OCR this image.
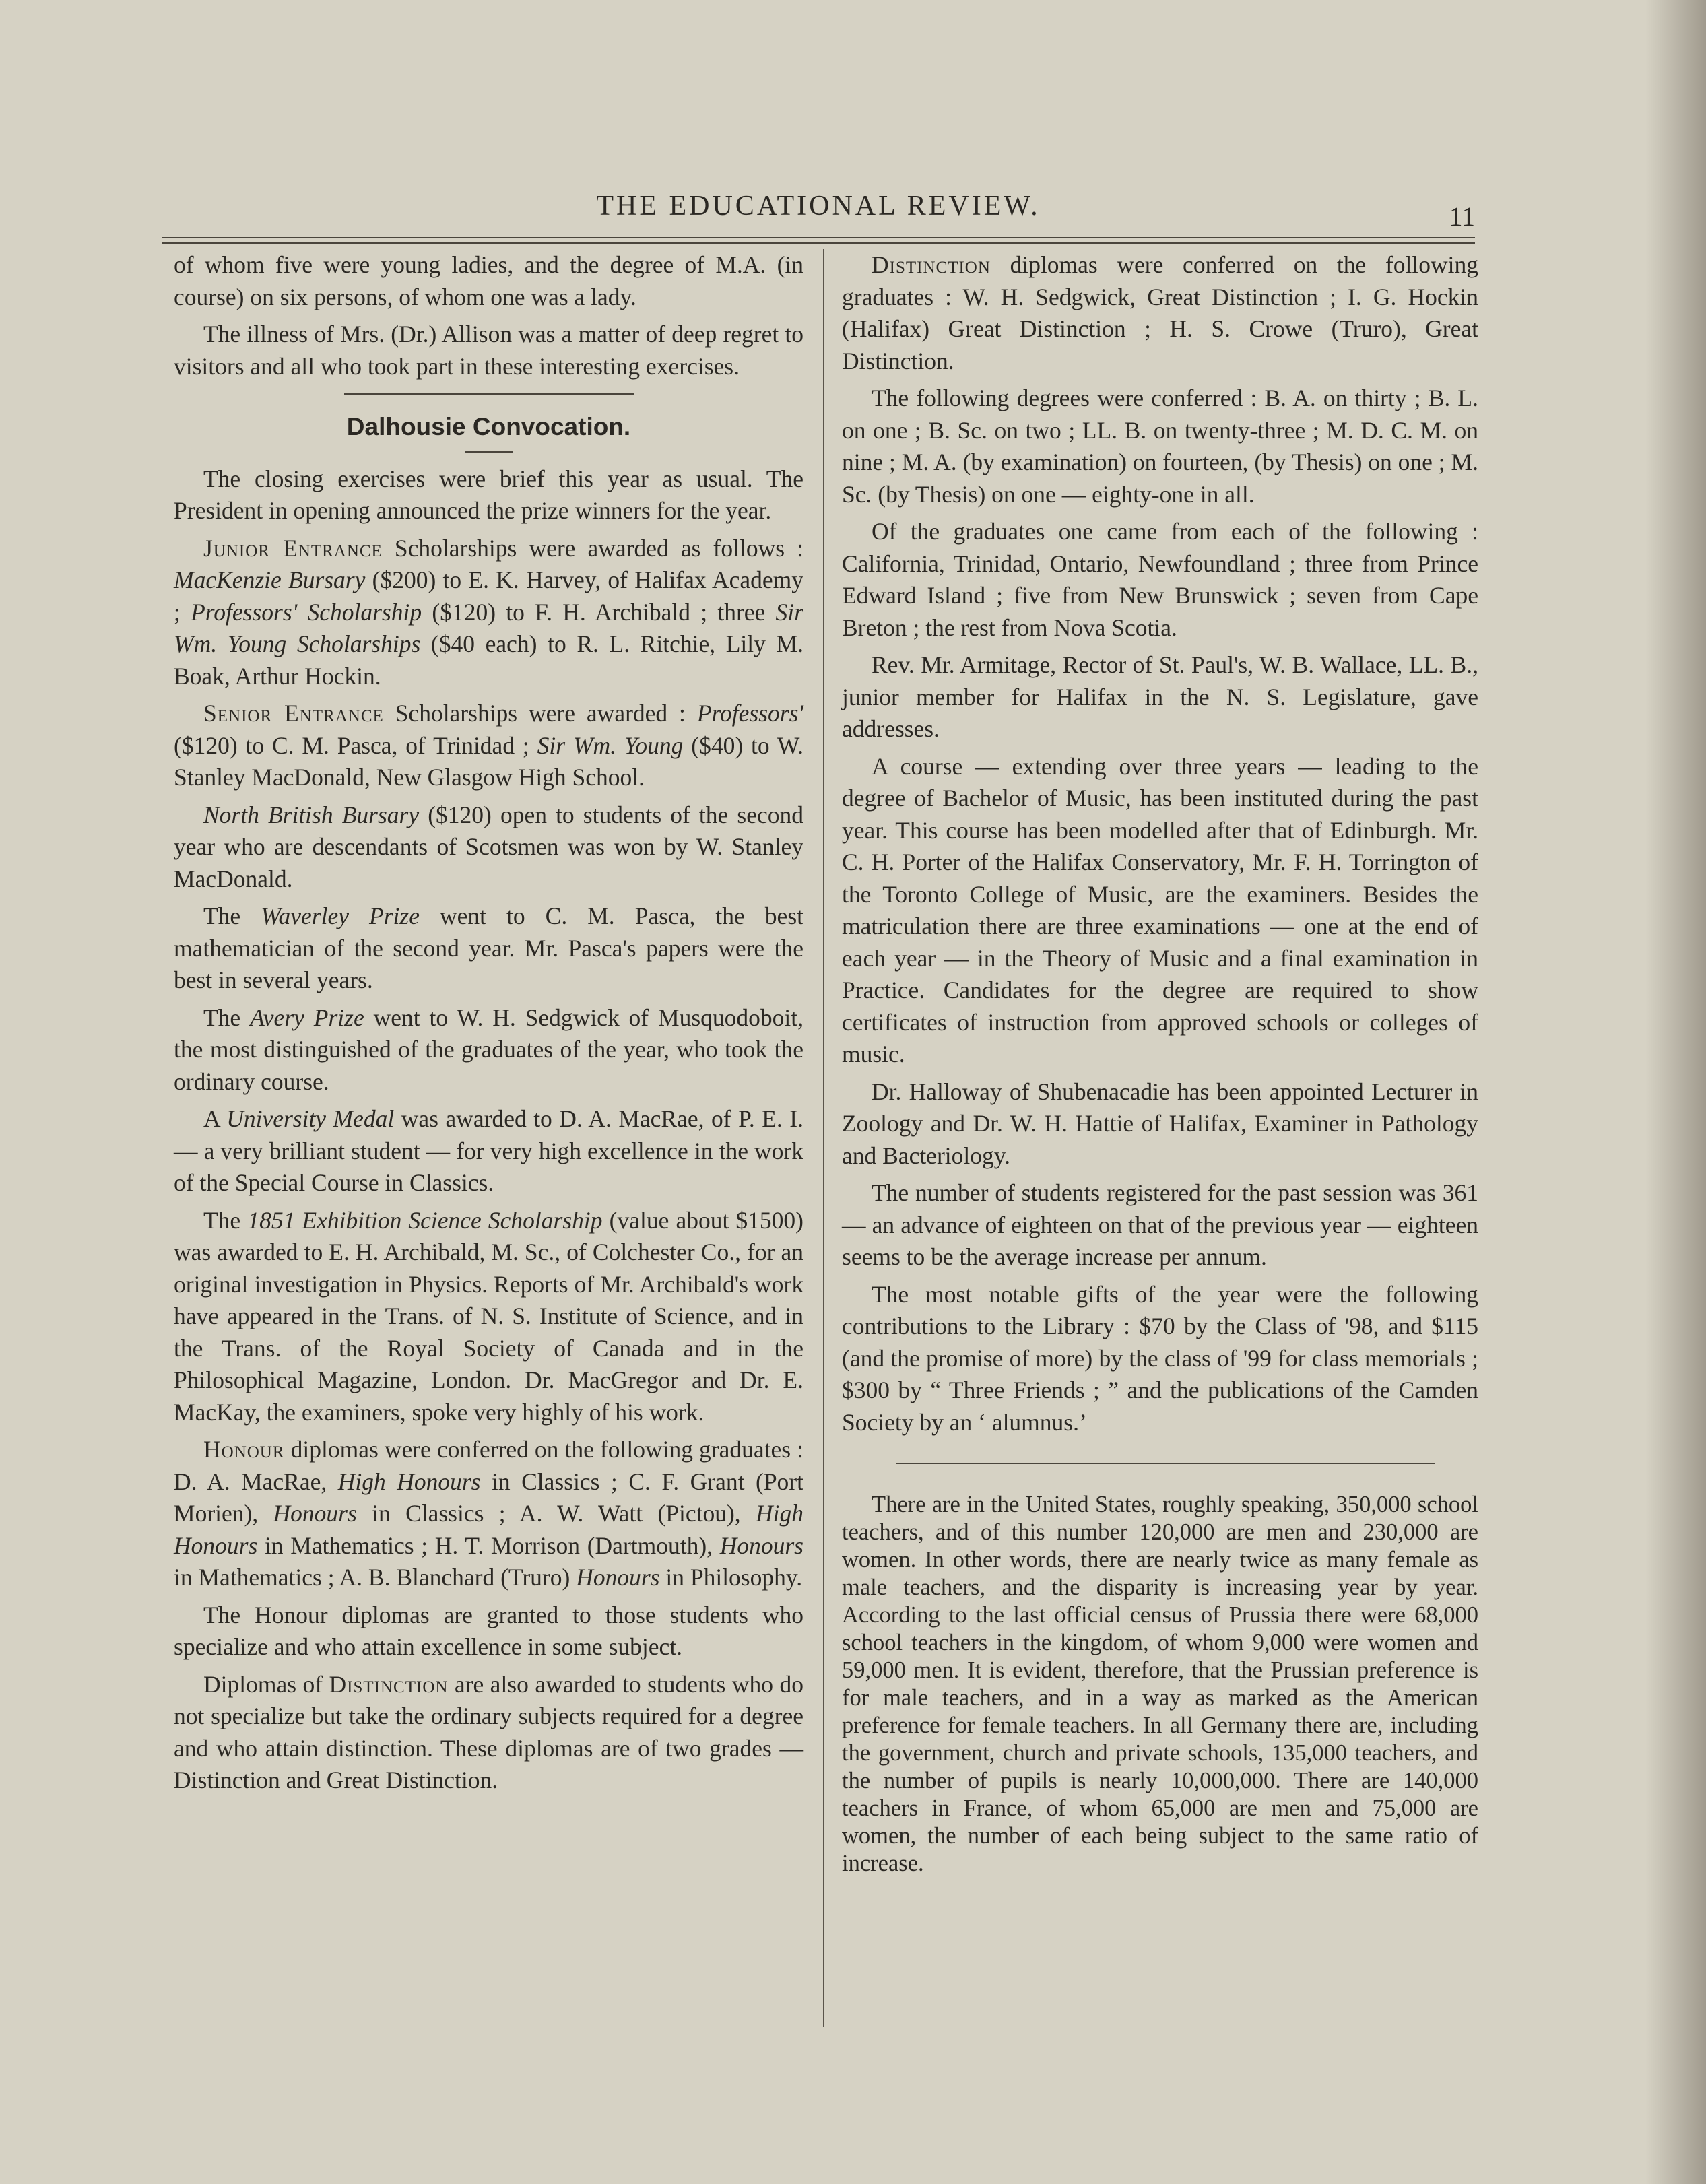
THE EDUCATIONAL REVIEW.	11

of whom five were young ladies, and the degree of M.A. (in course) on six persons, of whom one was a lady.

The illness of Mrs. (Dr.) Allison was a matter of deep regret to visitors and all who took part in these interesting exercises.

Dalhousie Convocation.

The closing exercises were brief this year as usual. The President in opening announced the prize winners for the year.

Junior Entrance Scholarships were awarded as follows : MacKenzie Bursary ($200) to E. K. Harvey, of Halifax Academy ; Professors' Scholarship ($120) to F. H. Archibald ; three Sir Wm. Young Scholarships ($40 each) to R. L. Ritchie, Lily M. Boak, Arthur Hockin.

Senior Entrance Scholarships were awarded : Professors' ($120) to C. M. Pasca, of Trinidad ; Sir Wm. Young ($40) to W. Stanley MacDonald, New Glasgow High School.

North British Bursary ($120) open to students of the second year who are descendants of Scotsmen was won by W. Stanley MacDonald.

The Waverley Prize went to C. M. Pasca, the best mathematician of the second year. Mr. Pasca's papers were the best in several years.

The Avery Prize went to W. H. Sedgwick of Musquodoboit, the most distinguished of the graduates of the year, who took the ordinary course.

A University Medal was awarded to D. A. MacRae, of P. E. I. — a very brilliant student — for very high excellence in the work of the Special Course in Classics.

The 1851 Exhibition Science Scholarship (value about $1500) was awarded to E. H. Archibald, M. Sc., of Colchester Co., for an original investigation in Physics. Reports of Mr. Archibald's work have appeared in the Trans. of N. S. Institute of Science, and in the Trans. of the Royal Society of Canada and in the Philosophical Magazine, London. Dr. MacGregor and Dr. E. MacKay, the examiners, spoke very highly of his work.

Honour diplomas were conferred on the following graduates : D. A. MacRae, High Honours in Classics ; C. F. Grant (Port Morien), Honours in Classics ; A. W. Watt (Pictou), High Honours in Mathematics ; H. T. Morrison (Dartmouth), Honours in Mathematics ; A. B. Blanchard (Truro) Honours in Philosophy.

The Honour diplomas are granted to those students who specialize and who attain excellence in some subject.

Diplomas of Distinction are also awarded to students who do not specialize but take the ordinary subjects required for a degree and who attain distinction. These diplomas are of two grades — Distinction and Great Distinction.

Distinction diplomas were conferred on the following graduates : W. H. Sedgwick, Great Distinction ; I. G. Hockin (Halifax) Great Distinction ; H. S. Crowe (Truro), Great Distinction.

The following degrees were conferred : B. A. on thirty ; B. L. on one ; B. Sc. on two ; LL. B. on twenty-three ; M. D. C. M. on nine ; M. A. (by examination) on fourteen, (by Thesis) on one ; M. Sc. (by Thesis) on one — eighty-one in all.

Of the graduates one came from each of the following : California, Trinidad, Ontario, Newfoundland ; three from Prince Edward Island ; five from New Brunswick ; seven from Cape Breton ; the rest from Nova Scotia.

Rev. Mr. Armitage, Rector of St. Paul's, W. B. Wallace, LL. B., junior member for Halifax in the N. S. Legislature, gave addresses.

A course — extending over three years — leading to the degree of Bachelor of Music, has been instituted during the past year. This course has been modelled after that of Edinburgh. Mr. C. H. Porter of the Halifax Conservatory, Mr. F. H. Torrington of the Toronto College of Music, are the examiners. Besides the matriculation there are three examinations — one at the end of each year — in the Theory of Music and a final examination in Practice. Candidates for the degree are required to show certificates of instruction from approved schools or colleges of music.

Dr. Halloway of Shubenacadie has been appointed Lecturer in Zoology and Dr. W. H. Hattie of Halifax, Examiner in Pathology and Bacteriology.

The number of students registered for the past session was 361 — an advance of eighteen on that of the previous year — eighteen seems to be the average increase per annum.

The most notable gifts of the year were the following contributions to the Library : $70 by the Class of '98, and $115 (and the promise of more) by the class of '99 for class memorials ; $300 by “ Three Friends ; ” and the publications of the Camden Society by an ‘ alumnus.’

There are in the United States, roughly speaking, 350,000 school teachers, and of this number 120,000 are men and 230,000 are women. In other words, there are nearly twice as many female as male teachers, and the disparity is increasing year by year. According to the last official census of Prussia there were 68,000 school teachers in the kingdom, of whom 9,000 were women and 59,000 men. It is evident, therefore, that the Prussian preference is for male teachers, and in a way as marked as the American preference for female teachers. In all Germany there are, including the government, church and private schools, 135,000 teachers, and the number of pupils is nearly 10,000,000. There are 140,000 teachers in France, of whom 65,000 are men and 75,000 are women, the number of each being subject to the same ratio of increase.
